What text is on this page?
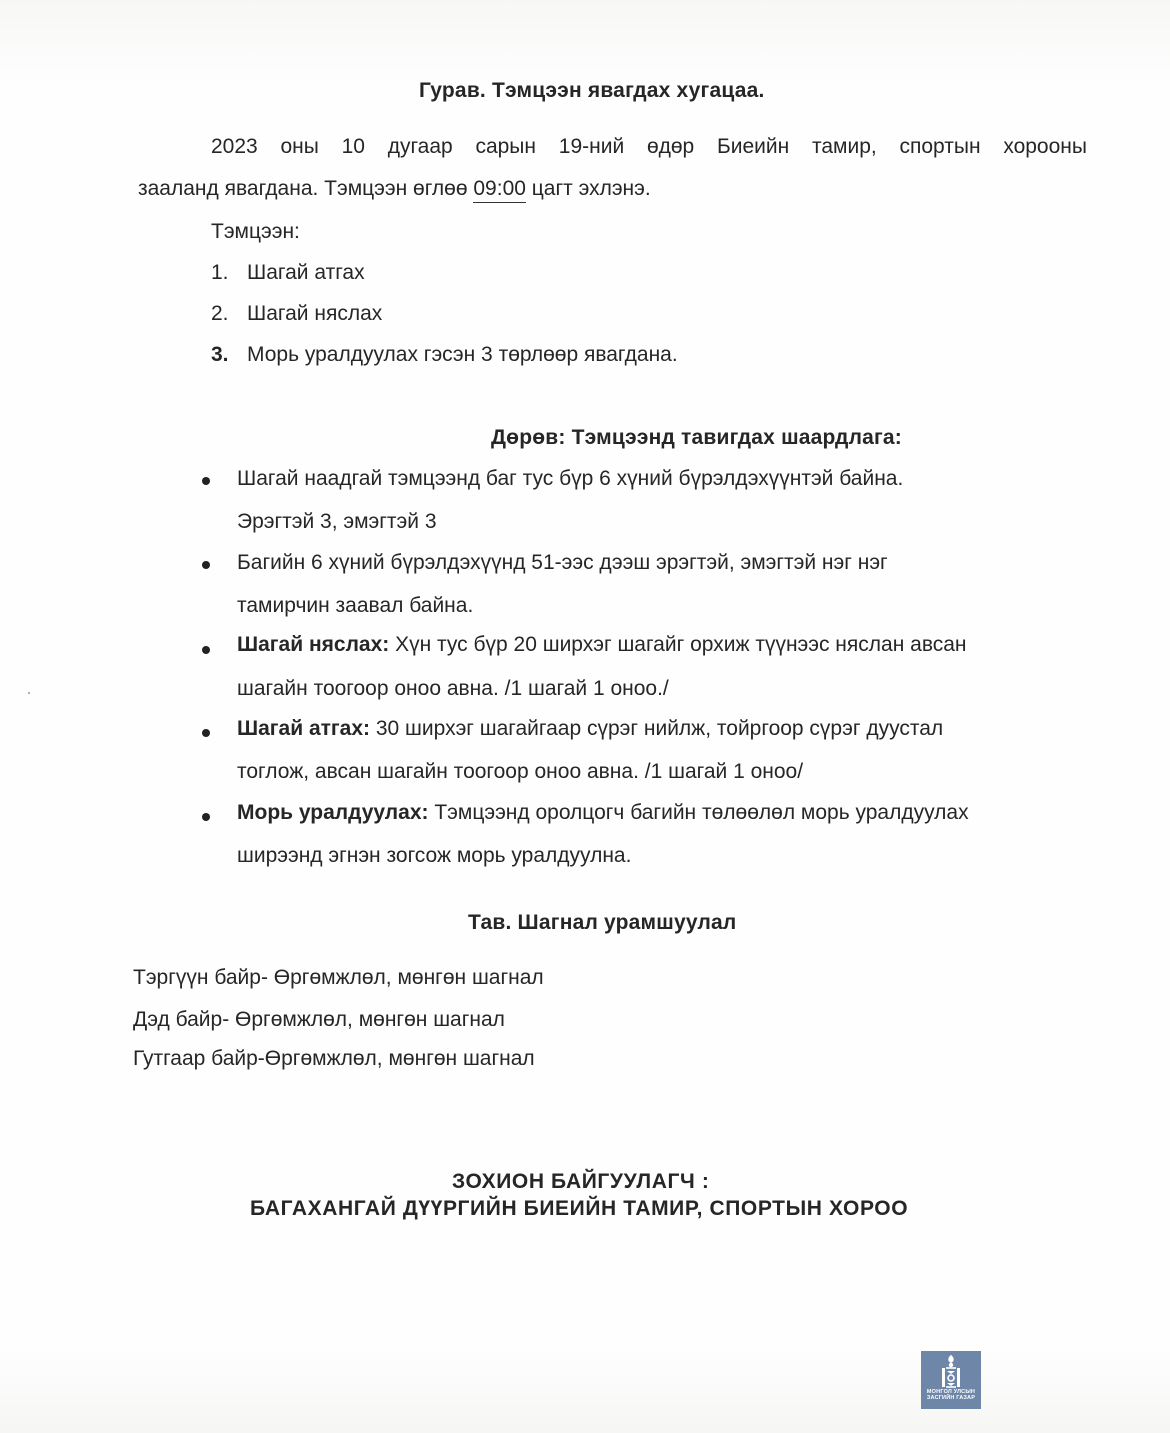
Гурав. Тэмцээн явагдах хугацаа.
2023 оны 10 дугаар сарын 19-ний өдөр Биеийн тамир, спортын хорооны
зааланд явагдана. Тэмцээн өглөө 09:00 цагт эхлэнэ.
Тэмцээн:
1. Шагай атгах
2. Шагай няслах
3. Морь уралдуулах гэсэн 3 төрлөөр явагдана.
Дөрөв: Тэмцээнд тавигдах шаардлага:
Шагай наадгай тэмцээнд баг тус бүр 6 хүний бүрэлдэхүүнтэй байна.
Эрэгтэй 3, эмэгтэй 3
Багийн 6 хүний бүрэлдэхүүнд 51-ээс дээш эрэгтэй, эмэгтэй нэг нэг
тамирчин заавал байна.
Шагай няслах: Хүн тус бүр 20 ширхэг шагайг орхиж түүнээс няслан авсан
шагайн тоогоор оноо авна. /1 шагай 1 оноо./
Шагай атгах: 30 ширхэг шагайгаар сүрэг нийлж, тойргоор сүрэг дуустал
тоглож, авсан шагайн тоогоор оноо авна. /1 шагай 1 оноо/
Морь уралдуулах: Тэмцээнд оролцогч багийн төлөөлөл морь уралдуулах
ширээнд эгнэн зогсож морь уралдуулна.
Тав. Шагнал урамшуулал
Тэргүүн байр- Өргөмжлөл, мөнгөн шагнал
Дэд байр- Өргөмжлөл, мөнгөн шагнал
Гутгаар байр-Өргөмжлөл, мөнгөн шагнал
ЗОХИОН БАЙГУУЛАГЧ :
БАГАХАНГАЙ ДҮҮРГИЙН БИЕИЙН ТАМИР, СПОРТЫН ХОРОО
МОНГОЛ УЛСЫН
ЗАСГИЙН ГАЗАР
